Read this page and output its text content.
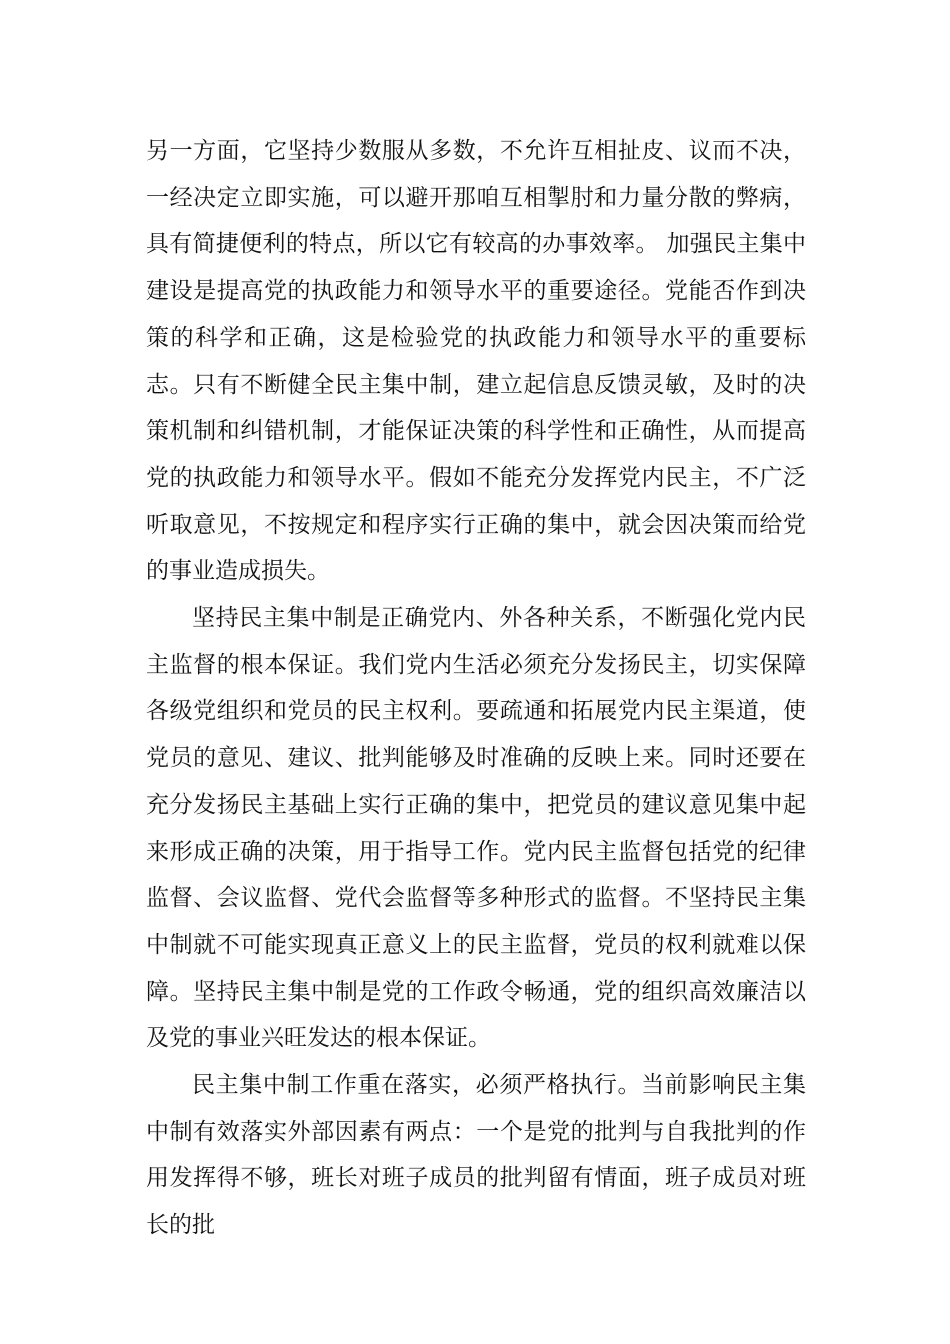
另一方面，它坚持少数服从多数，不允许互相扯皮、议而不决，一经决定立即实施，可以避开那咱互相掣肘和力量分散的弊病，具有简捷便利的特点，所以它有较高的办事效率。 加强民主集中建设是提高党的执政能力和领导水平的重要途径。党能否作到决策的科学和正确，这是检验党的执政能力和领导水平的重要标志。只有不断健全民主集中制，建立起信息反馈灵敏，及时的决策机制和纠错机制，才能保证决策的科学性和正确性，从而提高党的执政能力和领导水平。假如不能充分发挥党内民主，不广泛听取意见，不按规定和程序实行正确的集中，就会因决策而给党的事业造成损失。

坚持民主集中制是正确党内、外各种关系，不断强化党内民主监督的根本保证。我们党内生活必须充分发扬民主，切实保障各级党组织和党员的民主权利。要疏通和拓展党内民主渠道，使党员的意见、建议、批判能够及时准确的反映上来。同时还要在充分发扬民主基础上实行正确的集中，把党员的建议意见集中起来形成正确的决策，用于指导工作。党内民主监督包括党的纪律监督、会议监督、党代会监督等多种形式的监督。不坚持民主集中制就不可能实现真正意义上的民主监督，党员的权利就难以保障。坚持民主集中制是党的工作政令畅通，党的组织高效廉洁以及党的事业兴旺发达的根本保证。

民主集中制工作重在落实，必须严格执行。当前影响民主集中制有效落实外部因素有两点：一个是党的批判与自我批判的作用发挥得不够，班长对班子成员的批判留有情面，班子成员对班长的批
